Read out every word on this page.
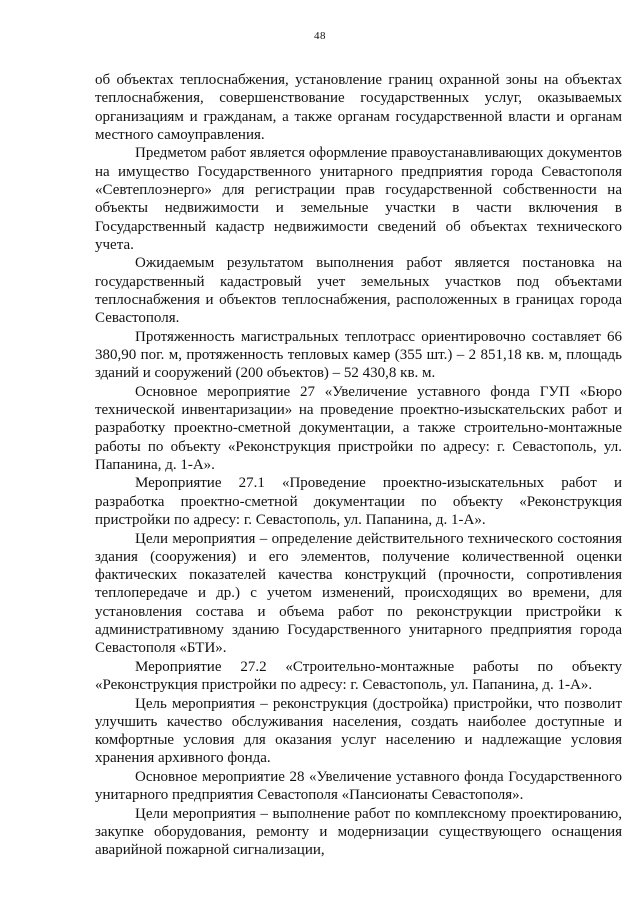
48

об объектах теплоснабжения, установление границ охранной зоны на объектах теплоснабжения, совершенствование государственных услуг, оказываемых организациям и гражданам, а также органам государственной власти и органам местного самоуправления.

Предметом работ является оформление правоустанавливающих документов на имущество Государственного унитарного предприятия города Севастополя «Севтеплоэнерго» для регистрации прав государственной собственности на объекты недвижимости и земельные участки в части включения в Государственный кадастр недвижимости сведений об объектах технического учета.

Ожидаемым результатом выполнения работ является постановка на государственный кадастровый учет земельных участков под объектами теплоснабжения и объектов теплоснабжения, расположенных в границах города Севастополя.

Протяженность магистральных теплотрасс ориентировочно составляет 66 380,90 пог. м, протяженность тепловых камер (355 шт.) – 2 851,18 кв. м, площадь зданий и сооружений (200 объектов) – 52 430,8 кв. м.

Основное мероприятие 27 «Увеличение уставного фонда ГУП «Бюро технической инвентаризации» на проведение проектно-изыскательских работ и разработку проектно-сметной документации, а также строительно-монтажные работы по объекту «Реконструкция пристройки по адресу: г. Севастополь, ул. Папанина, д. 1-А».

Мероприятие 27.1 «Проведение проектно-изыскательных работ и разработка проектно-сметной документации по объекту «Реконструкция пристройки по адресу: г. Севастополь, ул. Папанина, д. 1-А».

Цели мероприятия – определение действительного технического состояния здания (сооружения) и его элементов, получение количественной оценки фактических показателей качества конструкций (прочности, сопротивления теплопередаче и др.) с учетом изменений, происходящих во времени, для установления состава и объема работ по реконструкции пристройки к административному зданию Государственного унитарного предприятия города Севастополя «БТИ».

Мероприятие 27.2 «Строительно-монтажные работы по объекту «Реконструкция пристройки по адресу: г. Севастополь, ул. Папанина, д. 1-А».

Цель мероприятия – реконструкция (достройка) пристройки, что позволит улучшить качество обслуживания населения, создать наиболее доступные и комфортные условия для оказания услуг населению и надлежащие условия хранения архивного фонда.

Основное мероприятие 28 «Увеличение уставного фонда Государственного унитарного предприятия Севастополя «Пансионаты Севастополя».

Цели мероприятия – выполнение работ по комплексному проектированию, закупке оборудования, ремонту и модернизации существующего оснащения аварийной пожарной сигнализации,
